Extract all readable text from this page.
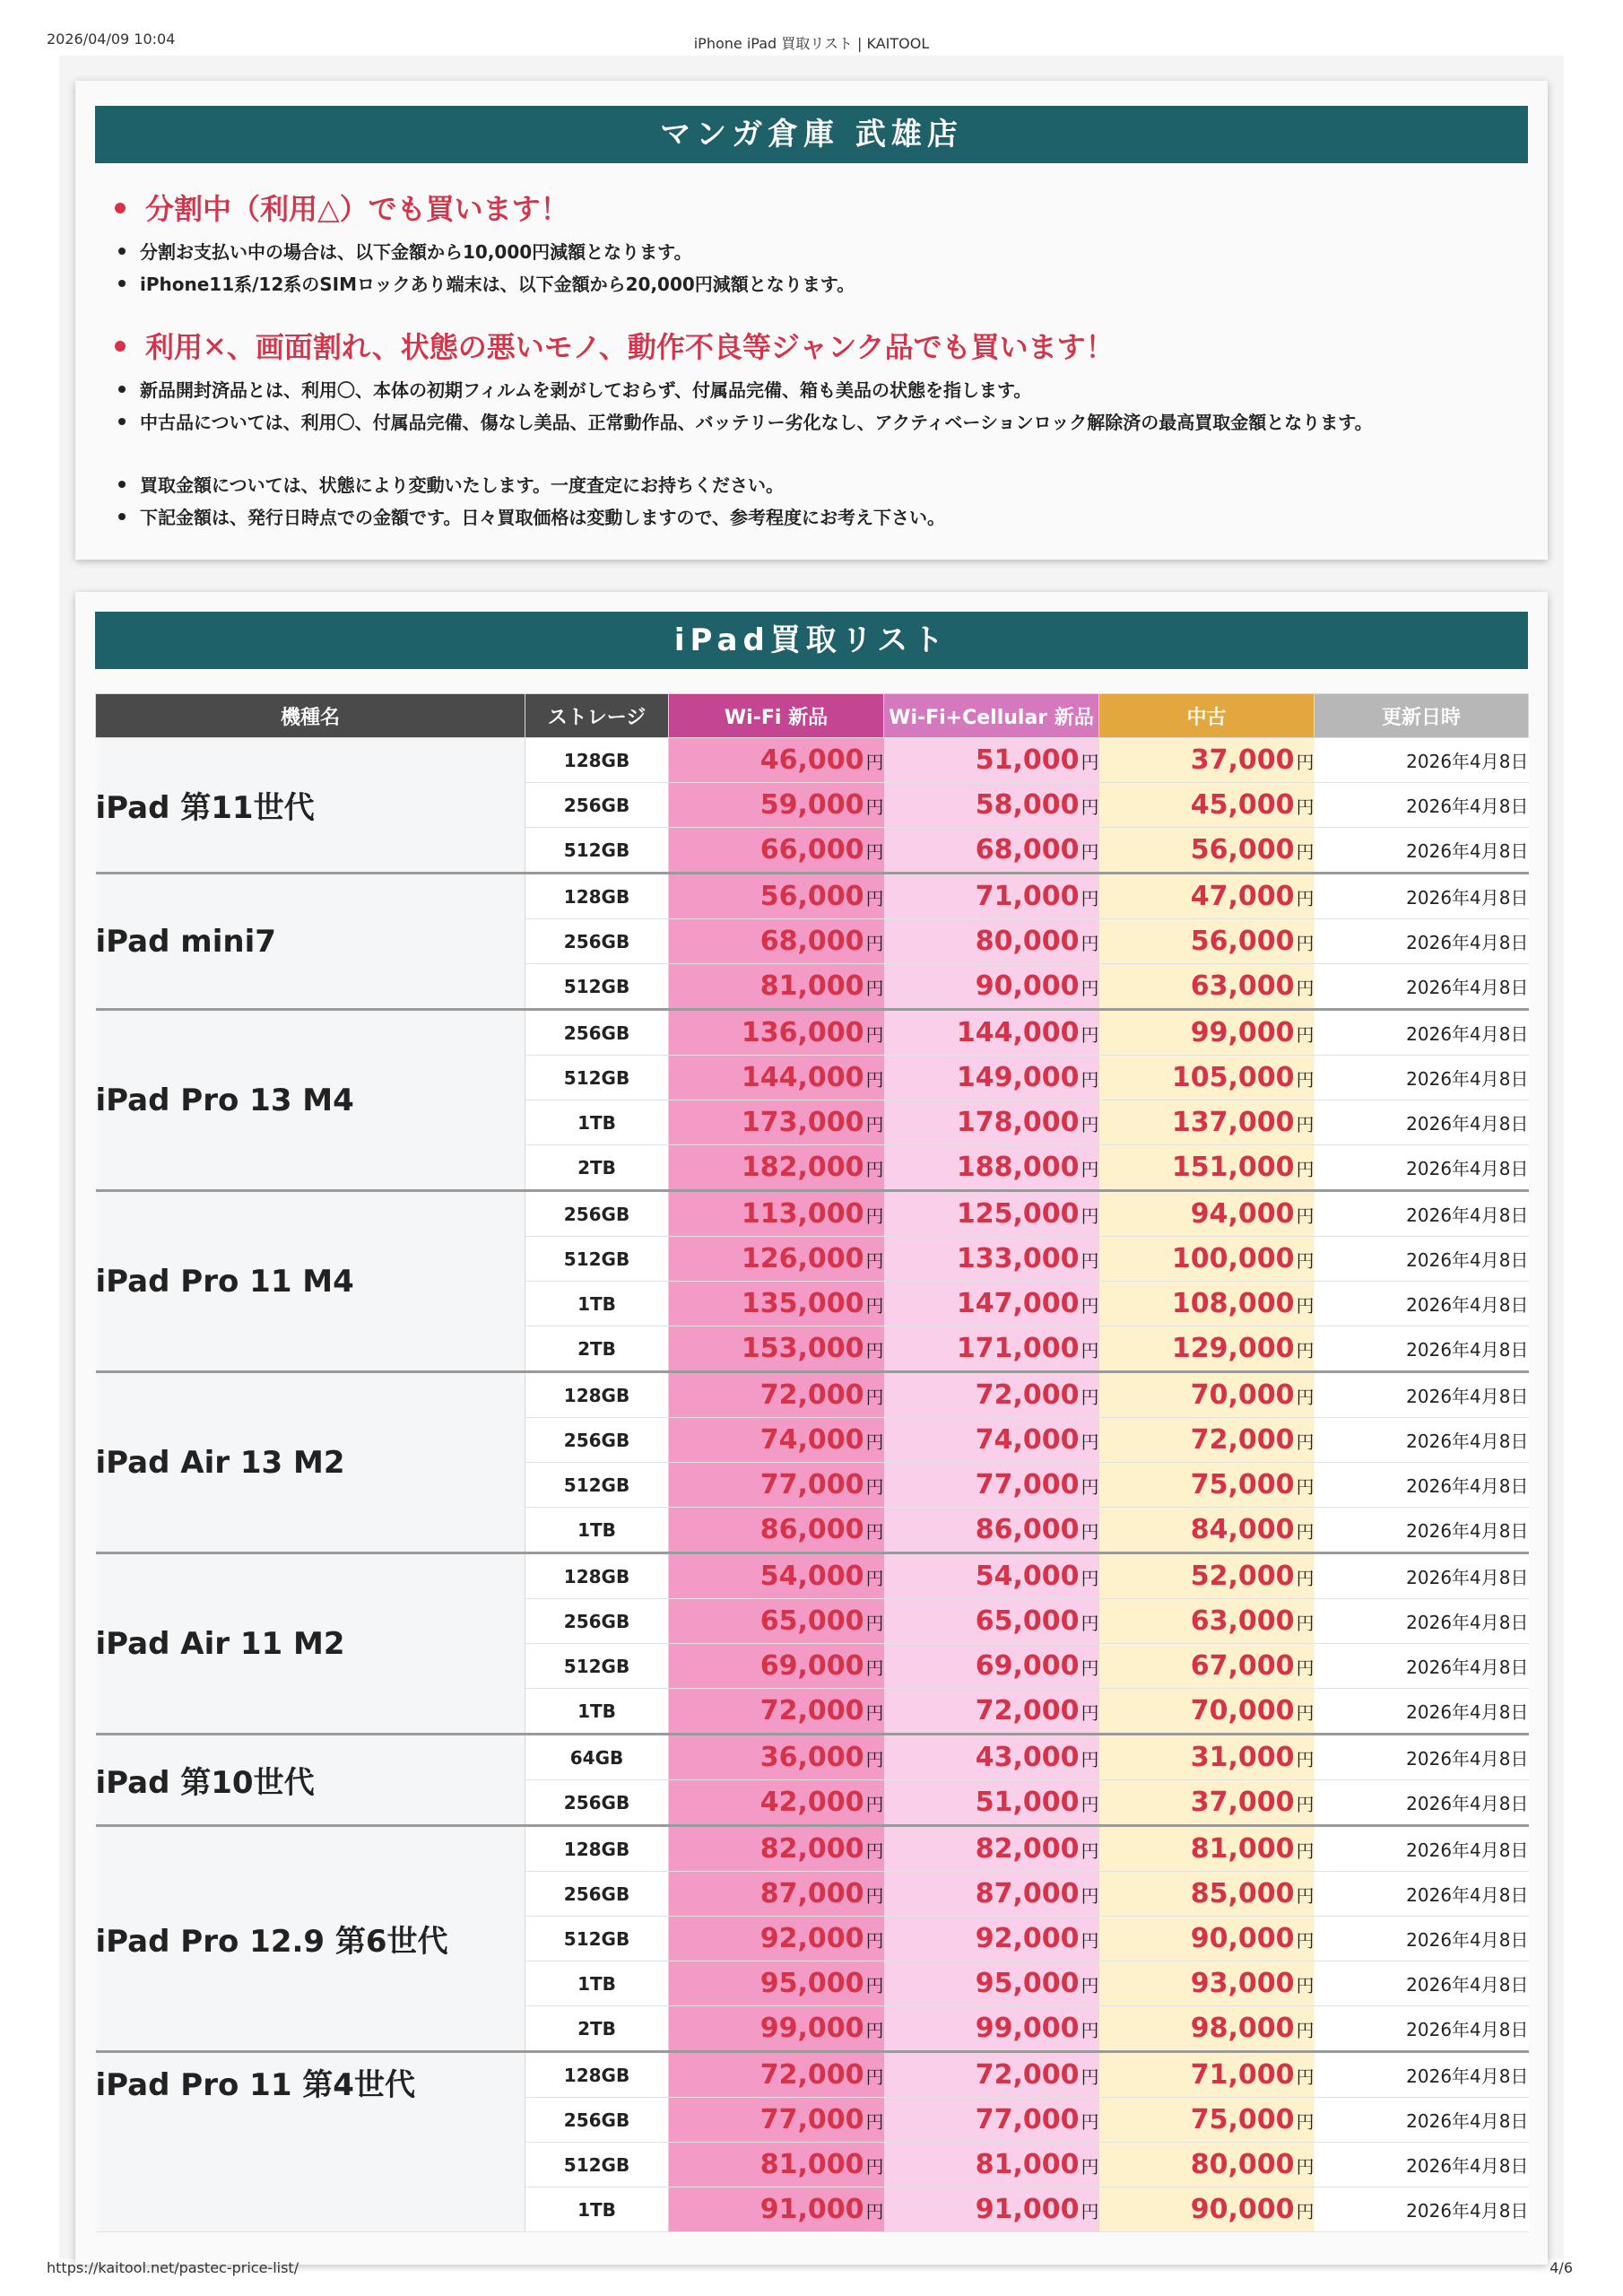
2026/04/09 10:04	iPhone iPad 買取リスト | KAITOOL
マンガ倉庫 武雄店
分割中（利用△）でも買います！
分割お支払い中の場合は、以下金額から10,000円減額となります。
iPhone11系/12系のSIMロックあり端末は、以下金額から20,000円減額となります。
利用✕、画面割れ、状態の悪いモノ、動作不良等ジャンク品でも買います！
新品開封済品とは、利用〇、本体の初期フィルムを剥がしておらず、付属品完備、箱も美品の状態を指します。
中古品については、利用〇、付属品完備、傷なし美品、正常動作品、バッテリー劣化なし、アクティベーションロック解除済の最高買取金額となります。
買取金額については、状態により変動いたします。一度査定にお持ちください。
下記金額は、発行日時点での金額です。日々買取価格は変動しますので、参考程度にお考え下さい。
iPad買取リスト
機種名	ストレージ	Wi-Fi 新品	Wi-Fi+Cellular 新品	中古	更新日時
iPad 第11世代	128GB	46,000 円	51,000 円	37,000 円	2026年4月8日
	256GB	59,000 円	58,000 円	45,000 円	2026年4月8日
	512GB	66,000 円	68,000 円	56,000 円	2026年4月8日
iPad mini7	128GB	56,000 円	71,000 円	47,000 円	2026年4月8日
	256GB	68,000 円	80,000 円	56,000 円	2026年4月8日
	512GB	81,000 円	90,000 円	63,000 円	2026年4月8日
iPad Pro 13 M4	256GB	136,000 円	144,000 円	99,000 円	2026年4月8日
	512GB	144,000 円	149,000 円	105,000 円	2026年4月8日
	1TB	173,000 円	178,000 円	137,000 円	2026年4月8日
	2TB	182,000 円	188,000 円	151,000 円	2026年4月8日
iPad Pro 11 M4	256GB	113,000 円	125,000 円	94,000 円	2026年4月8日
	512GB	126,000 円	133,000 円	100,000 円	2026年4月8日
	1TB	135,000 円	147,000 円	108,000 円	2026年4月8日
	2TB	153,000 円	171,000 円	129,000 円	2026年4月8日
iPad Air 13 M2	128GB	72,000 円	72,000 円	70,000 円	2026年4月8日
	256GB	74,000 円	74,000 円	72,000 円	2026年4月8日
	512GB	77,000 円	77,000 円	75,000 円	2026年4月8日
	1TB	86,000 円	86,000 円	84,000 円	2026年4月8日
iPad Air 11 M2	128GB	54,000 円	54,000 円	52,000 円	2026年4月8日
	256GB	65,000 円	65,000 円	63,000 円	2026年4月8日
	512GB	69,000 円	69,000 円	67,000 円	2026年4月8日
	1TB	72,000 円	72,000 円	70,000 円	2026年4月8日
iPad 第10世代	64GB	36,000 円	43,000 円	31,000 円	2026年4月8日
	256GB	42,000 円	51,000 円	37,000 円	2026年4月8日
iPad Pro 12.9 第6世代	128GB	82,000 円	82,000 円	81,000 円	2026年4月8日
	256GB	87,000 円	87,000 円	85,000 円	2026年4月8日
	512GB	92,000 円	92,000 円	90,000 円	2026年4月8日
	1TB	95,000 円	95,000 円	93,000 円	2026年4月8日
	2TB	99,000 円	99,000 円	98,000 円	2026年4月8日
iPad Pro 11 第4世代	128GB	72,000 円	72,000 円	71,000 円	2026年4月8日
	256GB	77,000 円	77,000 円	75,000 円	2026年4月8日
	512GB	81,000 円	81,000 円	80,000 円	2026年4月8日
	1TB	91,000 円	91,000 円	90,000 円	2026年4月8日
https://kaitool.net/pastec-price-list/	4/6
